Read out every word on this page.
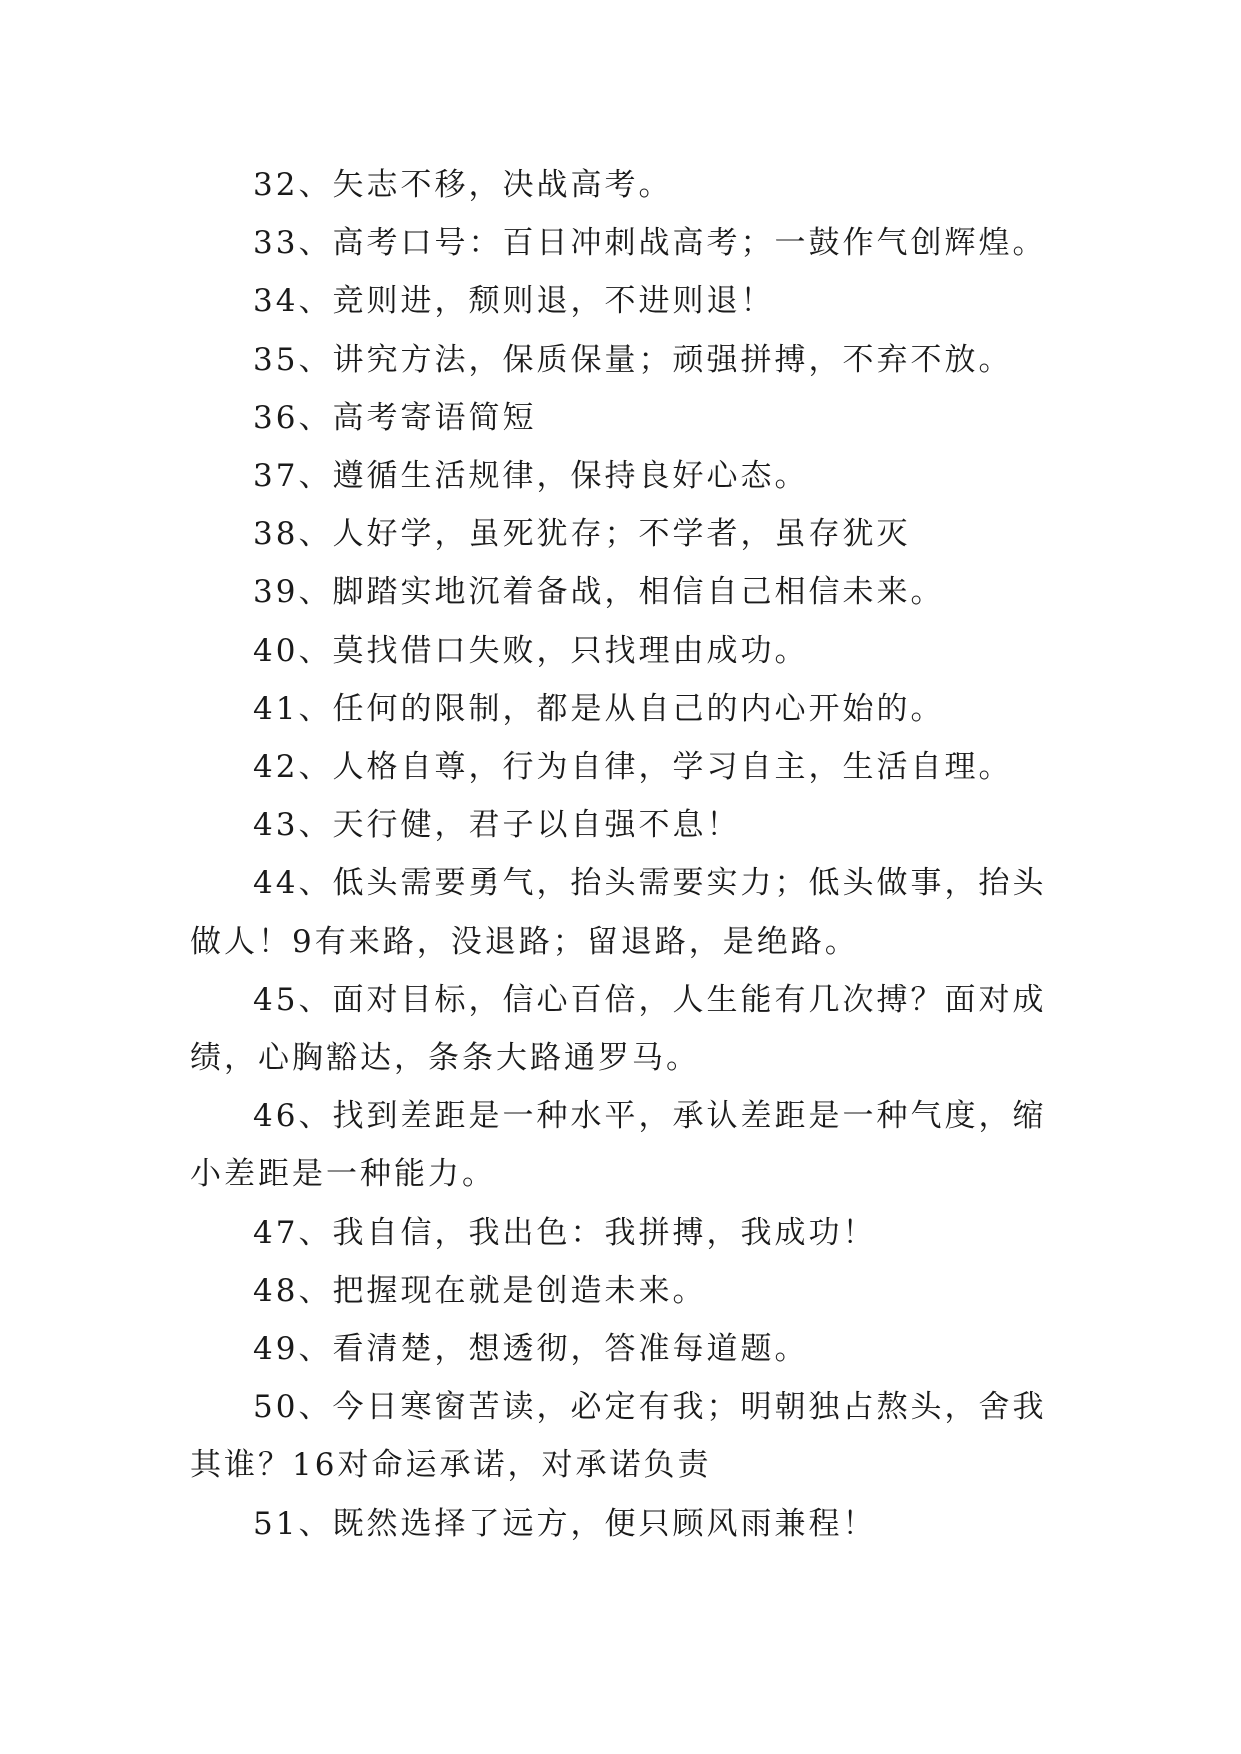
32、矢志不移，决战高考。

33、高考口号：百日冲刺战高考；一鼓作气创辉煌。

34、竞则进，颓则退，不进则退！

35、讲究方法，保质保量；顽强拼搏，不弃不放。

36、高考寄语简短

37、遵循生活规律，保持良好心态。

38、人好学，虽死犹存；不学者，虽存犹灭

39、脚踏实地沉着备战，相信自己相信未来。

40、莫找借口失败，只找理由成功。

41、任何的限制，都是从自己的内心开始的。

42、人格自尊，行为自律，学习自主，生活自理。

43、天行健，君子以自强不息！

44、低头需要勇气，抬头需要实力；低头做事，抬头做人！9有来路，没退路；留退路，是绝路。

45、面对目标，信心百倍，人生能有几次搏？面对成绩，心胸豁达，条条大路通罗马。

46、找到差距是一种水平，承认差距是一种气度，缩小差距是一种能力。

47、我自信，我出色：我拼搏，我成功！

48、把握现在就是创造未来。

49、看清楚，想透彻，答准每道题。

50、今日寒窗苦读，必定有我；明朝独占熬头，舍我其谁？16对命运承诺，对承诺负责

51、既然选择了远方，便只顾风雨兼程！
